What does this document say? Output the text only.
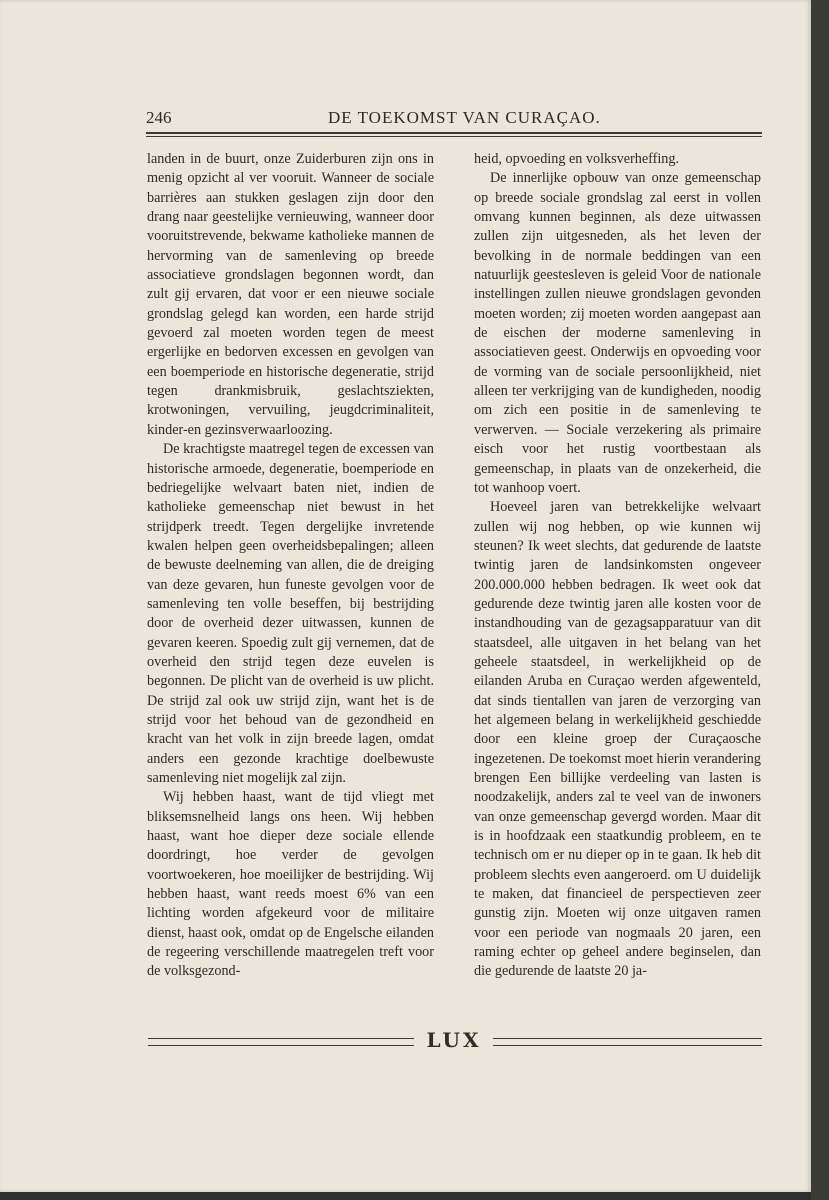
246	DE TOEKOMST VAN CURAÇAO.

landen in de buurt, onze Zuiderburen zijn ons in menig opzicht al ver vooruit. Wanneer de sociale barrières aan stukken geslagen zijn door den drang naar geestelijke vernieuwing, wanneer door vooruitstrevende, bekwame katholieke mannen de hervorming van de samenleving op breede associatieve grondslagen begonnen wordt, dan zult gij ervaren, dat voor er een nieuwe sociale grondslag gelegd kan worden, een harde strijd gevoerd zal moeten worden tegen de meest ergerlijke en bedorven excessen en gevolgen van een boemperiode en historische degeneratie, strijd tegen drankmisbruik, geslachtsziekten, krotwoningen, vervuiling, jeugdcriminaliteit, kinder-en gezinsverwaarloozing.

De krachtigste maatregel tegen de excessen van historische armoede, degeneratie, boemperiode en bedriegelijke welvaart baten niet, indien de katholieke gemeenschap niet bewust in het strijdperk treedt. Tegen dergelijke invretende kwalen helpen geen overheidsbepalingen; alleen de bewuste deelneming van allen, die de dreiging van deze gevaren, hun funeste gevolgen voor de samenleving ten volle beseffen, bij bestrijding door de overheid dezer uitwassen, kunnen de gevaren keeren. Spoedig zult gij vernemen, dat de overheid den strijd tegen deze euvelen is begonnen. De plicht van de overheid is uw plicht. De strijd zal ook uw strijd zijn, want het is de strijd voor het behoud van de gezondheid en kracht van het volk in zijn breede lagen, omdat anders een gezonde krachtige doelbewuste samenleving niet mogelijk zal zijn.

Wij hebben haast, want de tijd vliegt met bliksemsnelheid langs ons heen. Wij hebben haast, want hoe dieper deze sociale ellende doordringt, hoe verder de gevolgen voortwoekeren, hoe moeilijker de bestrijding. Wij hebben haast, want reeds moest 6% van een lichting worden afgekeurd voor de militaire dienst, haast ook, omdat op de Engelsche eilanden de regeering verschillende maatregelen treft voor de volksgezond-

heid, opvoeding en volksverheffing.

De innerlijke opbouw van onze gemeenschap op breede sociale grondslag zal eerst in vollen omvang kunnen beginnen, als deze uitwassen zullen zijn uitgesneden, als het leven der bevolking in de normale beddingen van een natuurlijk geestesleven is geleid Voor de nationale instellingen zullen nieuwe grondslagen gevonden moeten worden; zij moeten worden aangepast aan de eischen der moderne samenleving in associatieven geest. Onderwijs en opvoeding voor de vorming van de sociale persoonlijkheid, niet alleen ter verkrijging van de kundigheden, noodig om zich een positie in de samenleving te verwerven. — Sociale verzekering als primaire eisch voor het rustig voortbestaan als gemeenschap, in plaats van de onzekerheid, die tot wanhoop voert.

Hoeveel jaren van betrekkelijke welvaart zullen wij nog hebben, op wie kunnen wij steunen? Ik weet slechts, dat gedurende de laatste twintig jaren de landsinkomsten ongeveer 200.000.000 hebben bedragen. Ik weet ook dat gedurende deze twintig jaren alle kosten voor de instandhouding van de gezagsapparatuur van dit staatsdeel, alle uitgaven in het belang van het geheele staatsdeel, in werkelijkheid op de eilanden Aruba en Curaçao werden afgewenteld, dat sinds tientallen van jaren de verzorging van het algemeen belang in werkelijkheid geschiedde door een kleine groep der Curaçaosche ingezetenen. De toekomst moet hierin verandering brengen Een billijke verdeeling van lasten is noodzakelijk, anders zal te veel van de inwoners van onze gemeenschap gevergd worden. Maar dit is in hoofdzaak een staatkundig probleem, en te technisch om er nu dieper op in te gaan. Ik heb dit probleem slechts even aangeroerd. om U duidelijk te maken, dat financieel de perspectieven zeer gunstig zijn. Moeten wij onze uitgaven ramen voor een periode van nogmaals 20 jaren, een raming echter op geheel andere beginselen, dan die gedurende de laatste 20 ja-

LUX
